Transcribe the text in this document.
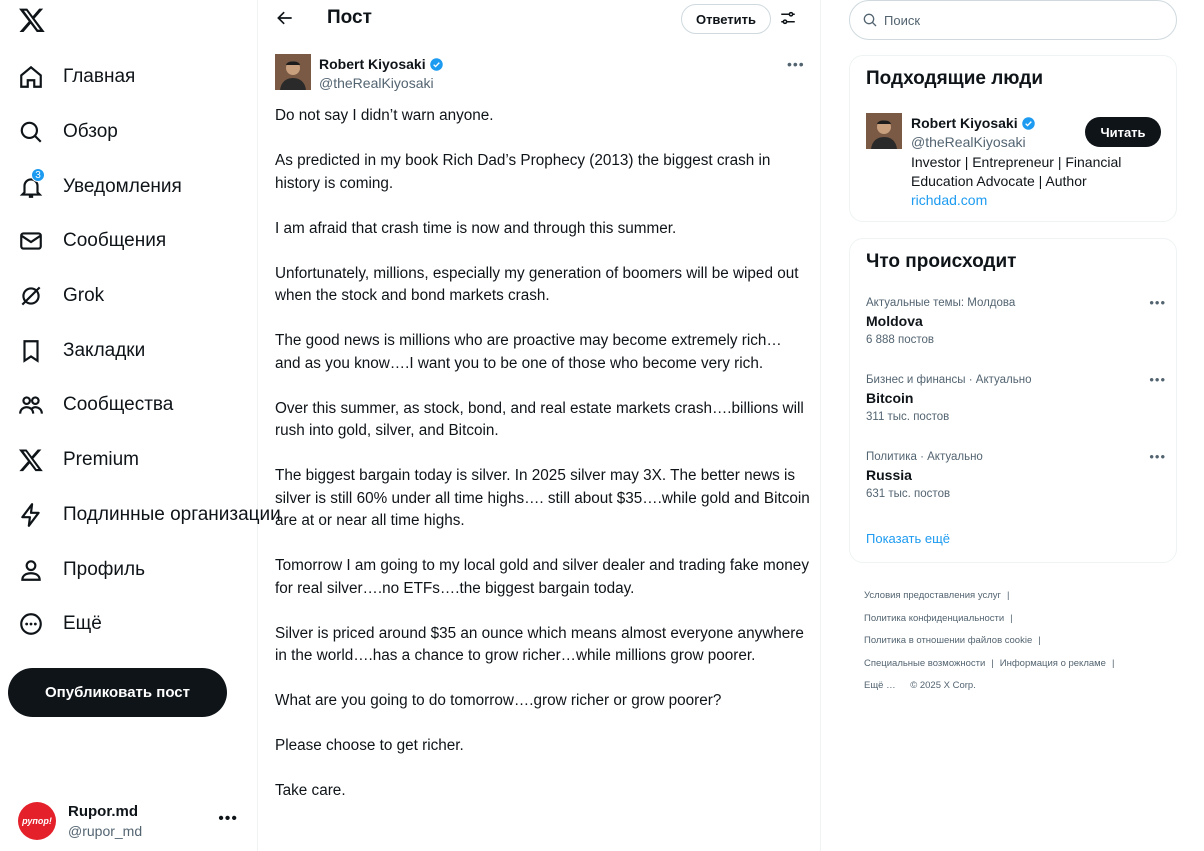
Главная
Обзор
3
Уведомления
Сообщения
Grok
Закладки
Сообщества
Premium
Подлинные организации
Профиль
Ещё
Опубликовать пост
рупор!
Rupor.md
@rupor_md
•••
Пост	Ответить
Robert Kiyosaki
@theRealKiyosaki
•••

Do not say I didn’t warn anyone.

As predicted in my book Rich Dad’s Prophecy (2013) the biggest crash in history is coming.

I am afraid that crash time is now and through this summer.

Unfortunately, millions, especially my generation of boomers will be wiped out when the stock and bond markets crash.

The good news is millions who are proactive may become extremely rich… and as you know….I want you to be one of those who become very rich.

Over this summer, as stock, bond, and real estate markets crash….billions will rush into gold, silver, and Bitcoin.

The biggest bargain today is silver. In 2025 silver may 3X. The better news is silver is still 60% under all time highs…. still about $35….while gold and Bitcoin are at or near all time highs.

Tomorrow I am going to my local gold and silver dealer and trading fake money for real silver….no ETFs….the biggest bargain today.

Silver is priced around $35 an ounce which means almost everyone anywhere in the world….has a chance to grow richer…while millions grow poorer.

What are you going to do tomorrow….grow richer or grow poorer?

Please choose to get richer.

Take care.

Поиск
Подходящие люди
Robert Kiyosaki
@theRealKiyosaki
Investor | Entrepreneur | Financial Education Advocate | Author
richdad.com
Читать
Что происходит
Актуальные темы: Молдова
Moldova
6 888 постов
•••
Бизнес и финансы · Актуально
Bitcoin
311 тыс. постов
•••
Политика · Актуально
Russia
631 тыс. постов
•••
Показать ещё
Условия предоставления услуг |
Политика конфиденциальности |
Политика в отношении файлов cookie |
Специальные возможности | Информация о рекламе |
Ещё … © 2025 X Corp.
